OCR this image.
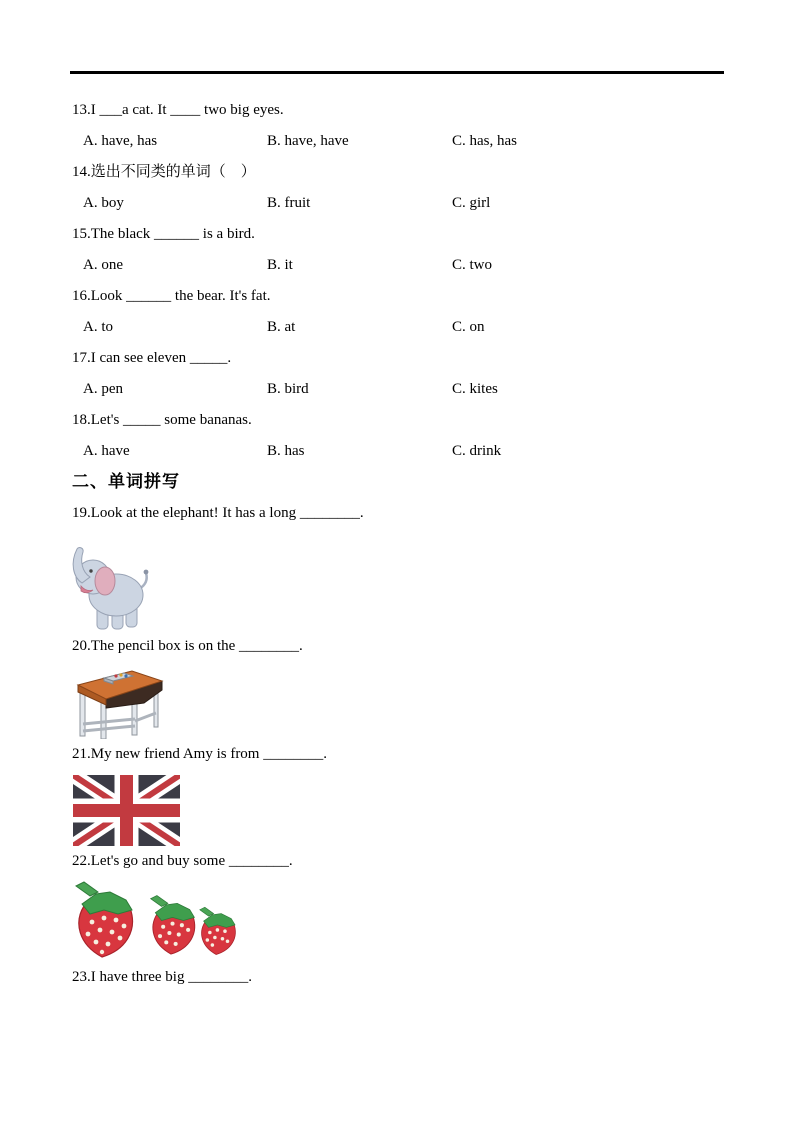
13.I ___a cat. It ____ two big eyes.
A. have, has	B. have, have	C. has, has
14.选出不同类的单词（　）
A. boy	B. fruit	C. girl
15.The black ______ is a bird.
A. one	B. it	C. two
16.Look ______ the bear. It's fat.
A. to	B. at	C. on
17.I can see eleven _____.
A. pen	B. bird	C. kites
18.Let's _____ some bananas.
A. have	B. has	C. drink
二、单词拼写
19.Look at the elephant! It has a long ________.
20.The pencil box is on the ________.
21.My new friend Amy is from ________.
22.Let's go and buy some ________.
23.I have three big ________.
